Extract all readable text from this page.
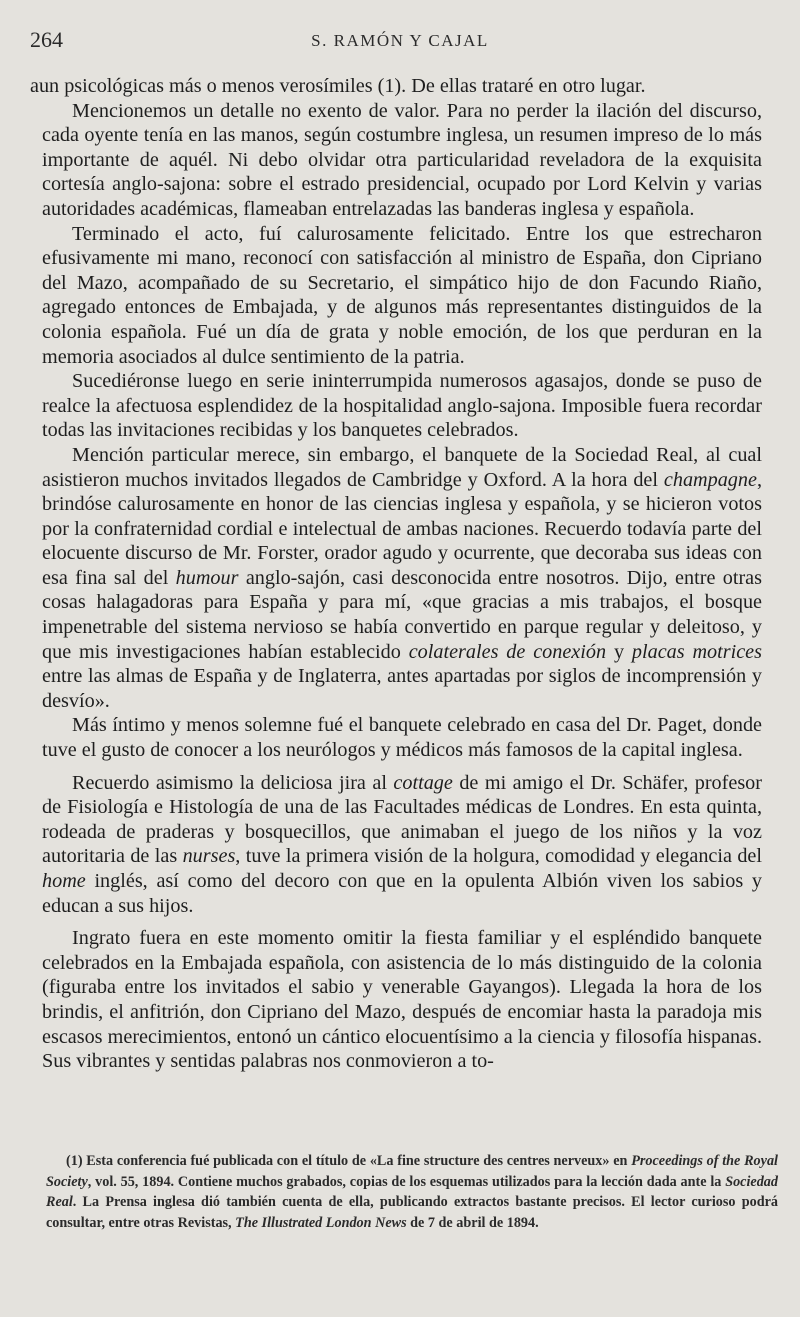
264	S. RAMÓN Y CAJAL

aun psicológicas más o menos verosímiles (1). De ellas trataré en otro lugar.

Mencionemos un detalle no exento de valor. Para no perder la ilación del discurso, cada oyente tenía en las manos, según costumbre inglesa, un resumen impreso de lo más importante de aquél. Ni debo olvidar otra particularidad reveladora de la exquisita cortesía anglo-sajona: sobre el estrado presidencial, ocupado por Lord Kelvin y varias autoridades académicas, flameaban entrelazadas las banderas inglesa y española.

Terminado el acto, fuí calurosamente felicitado. Entre los que estrecharon efusivamente mi mano, reconocí con satisfacción al ministro de España, don Cipriano del Mazo, acompañado de su Secretario, el simpático hijo de don Facundo Riaño, agregado entonces de Embajada, y de algunos más representantes distinguidos de la colonia española. Fué un día de grata y noble emoción, de los que perduran en la memoria asociados al dulce sentimiento de la patria.

Sucediéronse luego en serie ininterrumpida numerosos agasajos, donde se puso de realce la afectuosa esplendidez de la hospitalidad anglo-sajona. Imposible fuera recordar todas las invitaciones recibidas y los banquetes celebrados.

Mención particular merece, sin embargo, el banquete de la Sociedad Real, al cual asistieron muchos invitados llegados de Cambridge y Oxford. A la hora del champagne, brindóse calurosamente en honor de las ciencias inglesa y española, y se hicieron votos por la confraternidad cordial e intelectual de ambas naciones. Recuerdo todavía parte del elocuente discurso de Mr. Forster, orador agudo y ocurrente, que decoraba sus ideas con esa fina sal del humour anglo-sajón, casi desconocida entre nosotros. Dijo, entre otras cosas halagadoras para España y para mí, «que gracias a mis trabajos, el bosque impenetrable del sistema nervioso se había convertido en parque regular y deleitoso, y que mis investigaciones habían establecido colaterales de conexión y placas motrices entre las almas de España y de Inglaterra, antes apartadas por siglos de incomprensión y desvío».

Más íntimo y menos solemne fué el banquete celebrado en casa del Dr. Paget, donde tuve el gusto de conocer a los neurólogos y médicos más famosos de la capital inglesa.

Recuerdo asimismo la deliciosa jira al cottage de mi amigo el Dr. Schäfer, profesor de Fisiología e Histología de una de las Facultades médicas de Londres. En esta quinta, rodeada de praderas y bosquecillos, que animaban el juego de los niños y la voz autoritaria de las nurses, tuve la primera visión de la holgura, comodidad y elegancia del home inglés, así como del decoro con que en la opulenta Albión viven los sabios y educan a sus hijos.

Ingrato fuera en este momento omitir la fiesta familiar y el espléndido banquete celebrados en la Embajada española, con asistencia de lo más distinguido de la colonia (figuraba entre los invitados el sabio y venerable Gayangos). Llegada la hora de los brindis, el anfitrión, don Cipriano del Mazo, después de encomiar hasta la paradoja mis escasos merecimientos, entonó un cántico elocuentísimo a la ciencia y filosofía hispanas. Sus vibrantes y sentidas palabras nos conmovieron a to-

(1) Esta conferencia fué publicada con el título de «La fine structure des centres nerveux» en Proceedings of the Royal Society, vol. 55, 1894. Contiene muchos grabados, copias de los esquemas utilizados para la lección dada ante la Sociedad Real. La Prensa inglesa dió también cuenta de ella, publicando extractos bastante precisos. El lector curioso podrá consultar, entre otras Revistas, The Illustrated London News de 7 de abril de 1894.
